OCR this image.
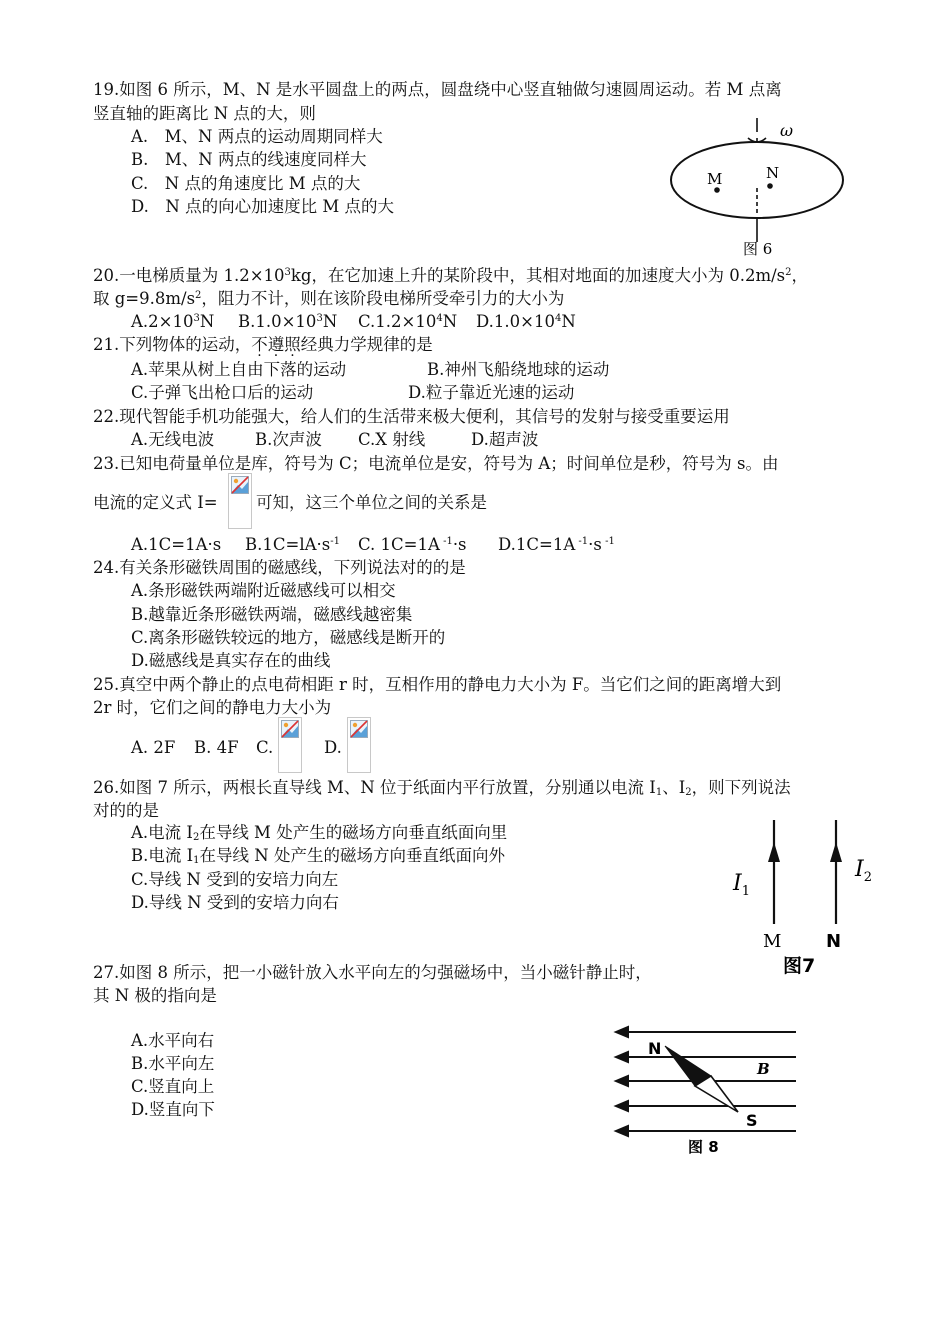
19.如图 6 所示，M、N 是水平圆盘上的两点，圆盘绕中心竖直轴做匀速圆周运动。若 M 点离
竖直轴的距离比 N 点的大，则
A.　M、N 两点的运动周期同样大
B.　M、N 两点的线速度同样大
C.　N 点的角速度比 M 点的大
D.　N 点的向心加速度比 M 点的大
ω
M	N
图 6
20.一电梯质量为 $1.2\times 10^3kg$，在它加速上升的某阶段中，其相对地面的加速度大小为 $0.2m/s^2$，
取 $g=9.8m/s^2$，阻力不计，则在该阶段电梯所受牵引力的大小为
$A.2\times 10^3N$ $B.1.0\times 10^3N$ $C.1.2\times 10^4N$ $D.1.0\times 10^4N$
21.下列物体的运动，不遵照经典力学规律的是
A.苹果从树上自由下落的运动	B.神州飞船绕地球的运动
C.子弹飞出枪口后的运动	D.粒子靠近光速的运动
22.现代智能手机功能强大，给人们的生活带来极大便利，其信号的发射与接受重要运用
A.无线电波 B.次声波 C.X 射线	D.超声波
23.已知电荷量单位是库，符号为 C；电流单位是安，符号为 A；时间单位是秒，符号为 s。由
电流的定义式 I= 可知，这三个单位之间的关系是
A.1C=1A·s $B.1C=lA\cdot s^{-1}$ C. 1C=1A $^{-1}$·s D.1C=1A $^{-1}$·s $^{-1}$
24.有关条形磁铁周围的磁感线，下列说法对的的是
A.条形磁铁两端附近磁感线可以相交
B.越靠近条形磁铁两端，磁感线越密集
C.离条形磁铁较远的地方，磁感线是断开的
D.磁感线是真实存在的曲线
25.真空中两个静止的点电荷相距 r 时，互相作用的静电力大小为 F。当它们之间的距离增大到
2r 时，它们之间的静电力大小为
A. 2F B. 4F C.	D.
26.如图 7 所示，两根长直导线 M、N 位于纸面内平行放置，分别通以电流 $I_1$、$I_2$，则下列说法
对的的是
A.电流 $I_2$在导线 M 处产生的磁场方向垂直纸面向里
B.电流 $I_1$在导线 N 处产生的磁场方向垂直纸面向外
C.导线 N 受到的安培力向左
D.导线 N 受到的安培力向右
$I_1$
$I_2$
M N
图7
27.如图 8 所示，把一小磁针放入水平向左的匀强磁场中，当小磁针静止时，
其 N 极的指向是
A.水平向右
B.水平向左
C.竖直向上
D.竖直向下
N
S
B
图 8
